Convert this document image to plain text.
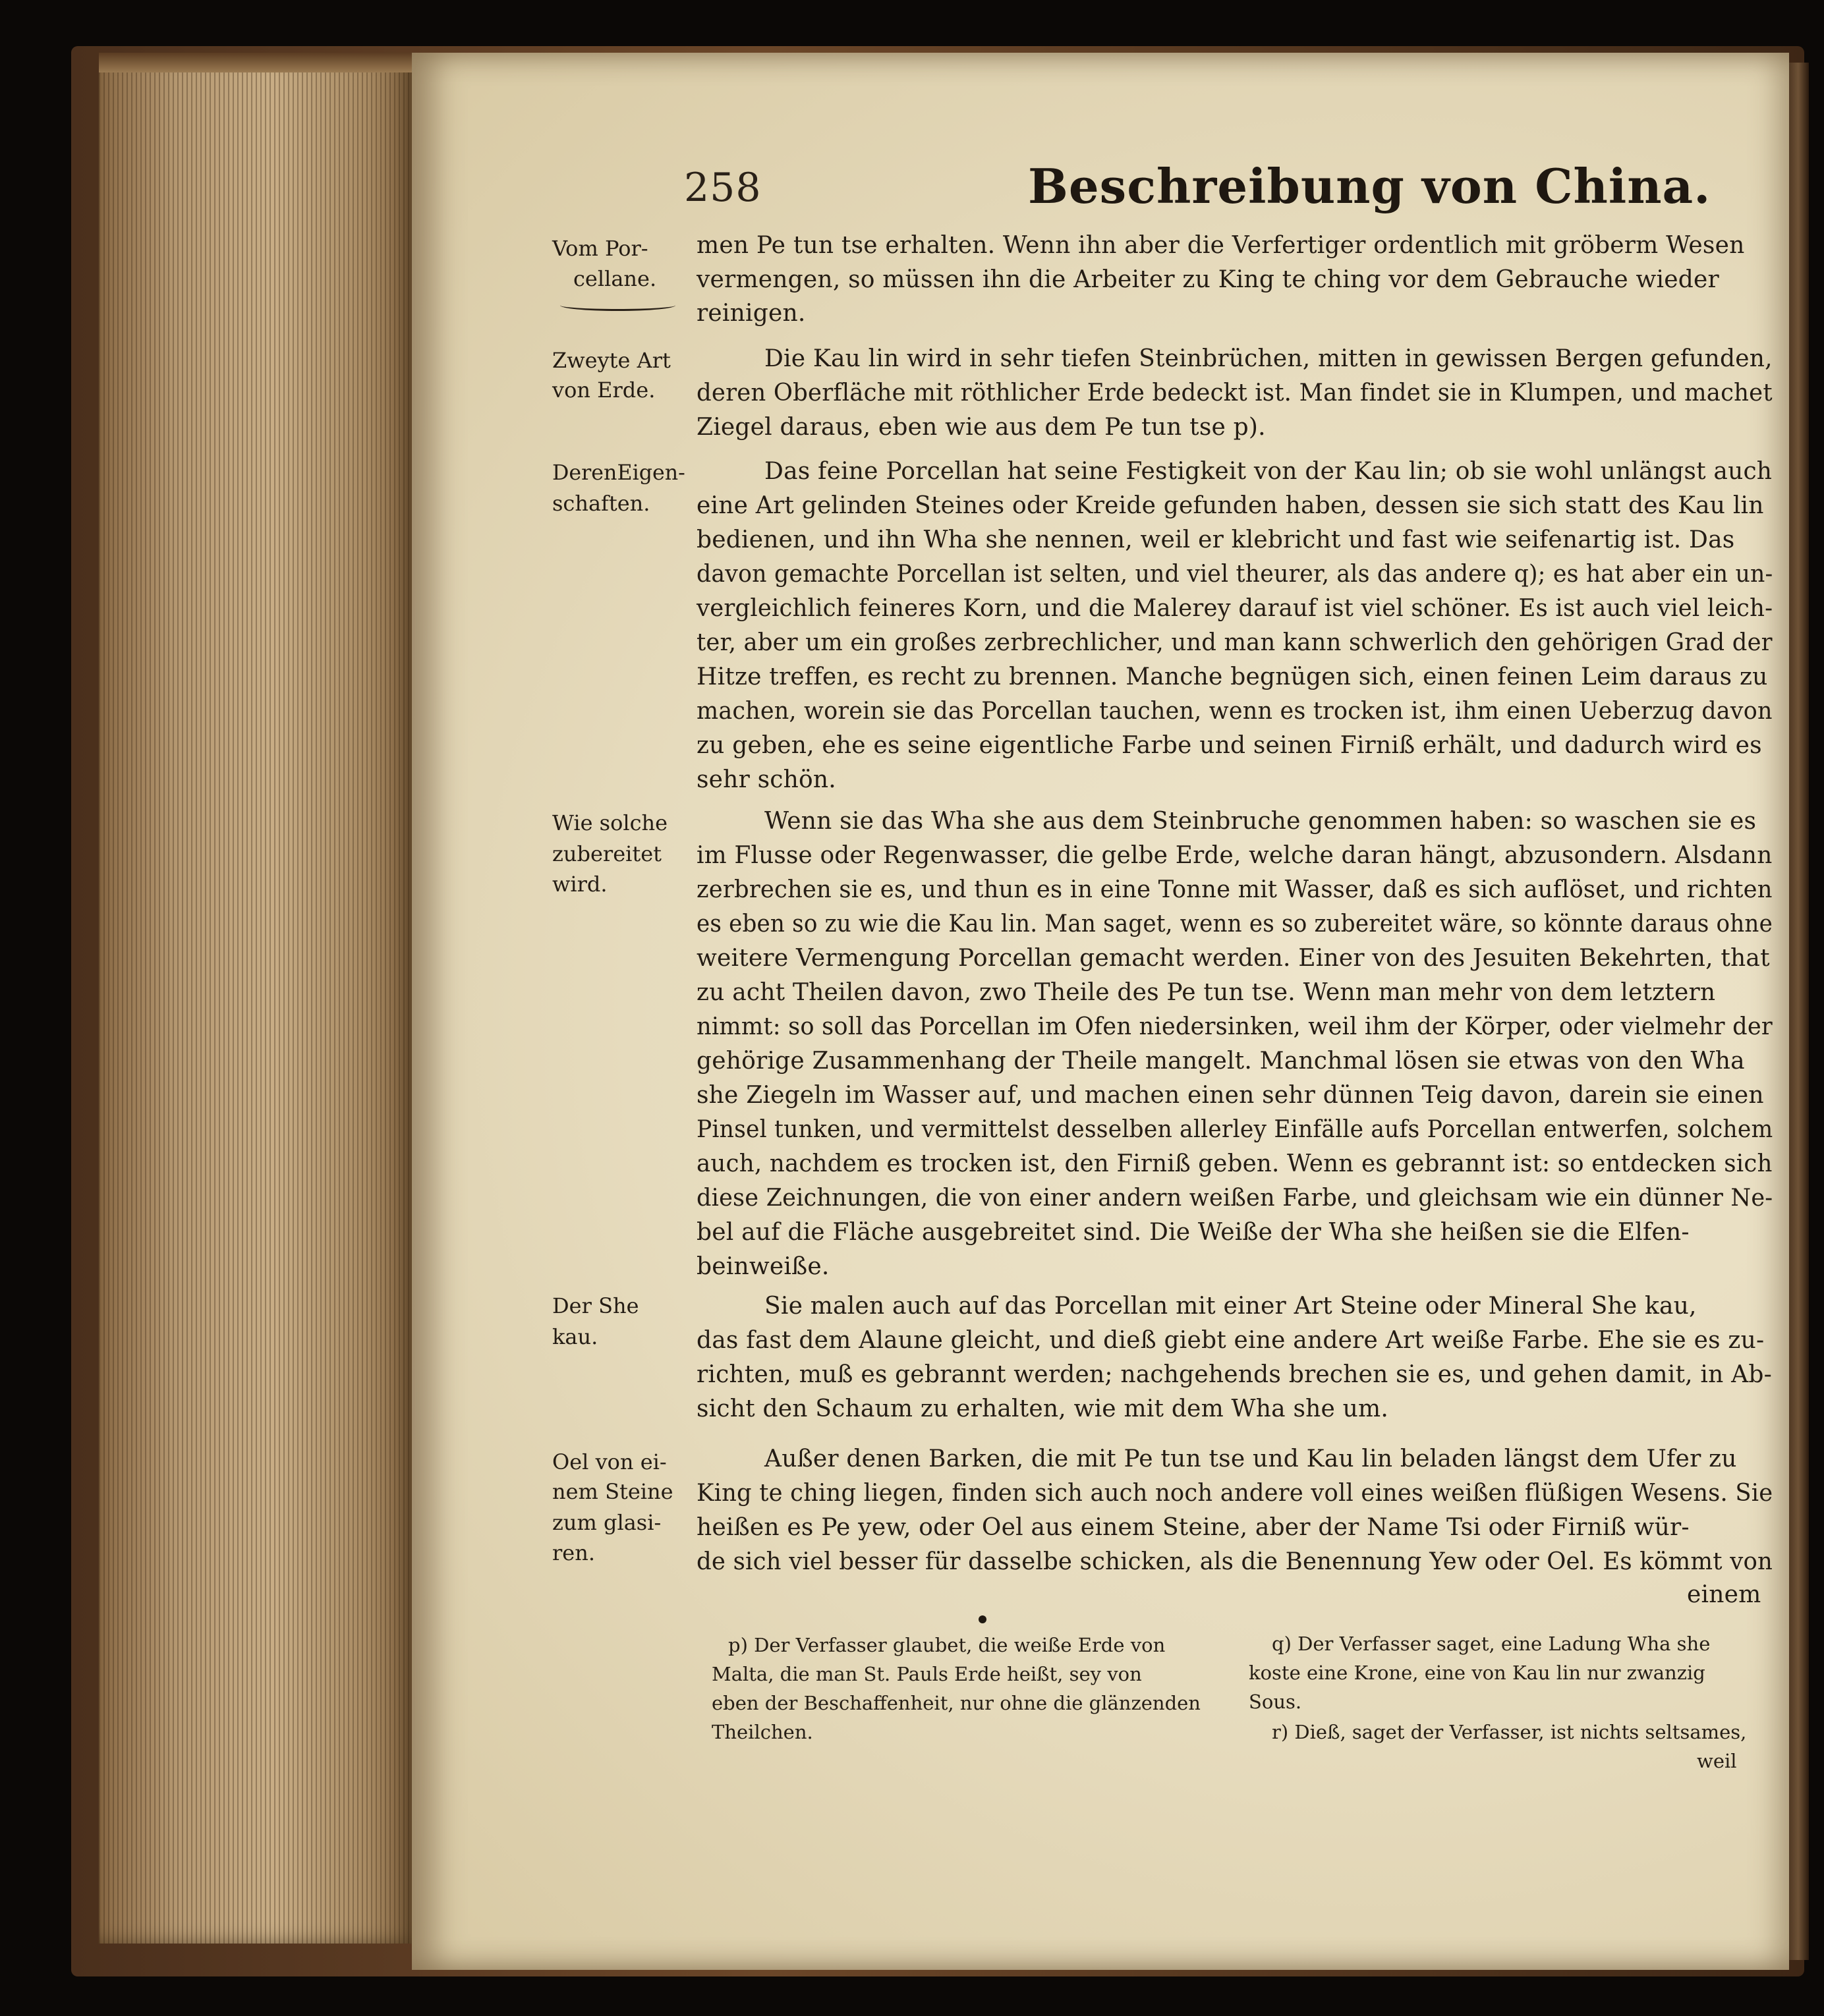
258	Beschreibung von China.
Vom Por-
cellane.
Zweyte Art
von Erde.
DerenEigen-
schaften.
Wie solche
zubereitet
wird.
Der She
kau.
Oel von ei-
nem Steine
zum glasi-
ren.
men Pe tun tse erhalten. Wenn ihn aber die Verfertiger ordentlich mit gröberm Wesen
vermengen, so müssen ihn die Arbeiter zu King te ching vor dem Gebrauche wieder
reinigen.
Die Kau lin wird in sehr tiefen Steinbrüchen, mitten in gewissen Bergen gefunden,
deren Oberfläche mit röthlicher Erde bedeckt ist. Man findet sie in Klumpen, und machet
Ziegel daraus, eben wie aus dem Pe tun tse p).
Das feine Porcellan hat seine Festigkeit von der Kau lin; ob sie wohl unlängst auch
eine Art gelinden Steines oder Kreide gefunden haben, dessen sie sich statt des Kau lin
bedienen, und ihn Wha she nennen, weil er klebricht und fast wie seifenartig ist. Das
davon gemachte Porcellan ist selten, und viel theurer, als das andere q); es hat aber ein un-
vergleichlich feineres Korn, und die Malerey darauf ist viel schöner. Es ist auch viel leich-
ter, aber um ein großes zerbrechlicher, und man kann schwerlich den gehörigen Grad der
Hitze treffen, es recht zu brennen. Manche begnügen sich, einen feinen Leim daraus zu
machen, worein sie das Porcellan tauchen, wenn es trocken ist, ihm einen Ueberzug davon
zu geben, ehe es seine eigentliche Farbe und seinen Firniß erhält, und dadurch wird es
sehr schön.
Wenn sie das Wha she aus dem Steinbruche genommen haben: so waschen sie es
im Flusse oder Regenwasser, die gelbe Erde, welche daran hängt, abzusondern. Alsdann
zerbrechen sie es, und thun es in eine Tonne mit Wasser, daß es sich auflöset, und richten
es eben so zu wie die Kau lin. Man saget, wenn es so zubereitet wäre, so könnte daraus ohne
weitere Vermengung Porcellan gemacht werden. Einer von des Jesuiten Bekehrten, that
zu acht Theilen davon, zwo Theile des Pe tun tse. Wenn man mehr von dem letztern
nimmt: so soll das Porcellan im Ofen niedersinken, weil ihm der Körper, oder vielmehr der
gehörige Zusammenhang der Theile mangelt. Manchmal lösen sie etwas von den Wha
she Ziegeln im Wasser auf, und machen einen sehr dünnen Teig davon, darein sie einen
Pinsel tunken, und vermittelst desselben allerley Einfälle aufs Porcellan entwerfen, solchem
auch, nachdem es trocken ist, den Firniß geben. Wenn es gebrannt ist: so entdecken sich
diese Zeichnungen, die von einer andern weißen Farbe, und gleichsam wie ein dünner Ne-
bel auf die Fläche ausgebreitet sind. Die Weiße der Wha she heißen sie die Elfen-
beinweiße.
Sie malen auch auf das Porcellan mit einer Art Steine oder Mineral She kau,
das fast dem Alaune gleicht, und dieß giebt eine andere Art weiße Farbe. Ehe sie es zu-
richten, muß es gebrannt werden; nachgehends brechen sie es, und gehen damit, in Ab-
sicht den Schaum zu erhalten, wie mit dem Wha she um.
Außer denen Barken, die mit Pe tun tse und Kau lin beladen längst dem Ufer zu
King te ching liegen, finden sich auch noch andere voll eines weißen flüßigen Wesens. Sie
heißen es Pe yew, oder Oel aus einem Steine, aber der Name Tsi oder Firniß wür-
de sich viel besser für dasselbe schicken, als die Benennung Yew oder Oel. Es kömmt von
einem
p) Der Verfasser glaubet, die weiße Erde von
Malta, die man St. Pauls Erde heißt, sey von
eben der Beschaffenheit, nur ohne die glänzenden
Theilchen.
q) Der Verfasser saget, eine Ladung Wha she
koste eine Krone, eine von Kau lin nur zwanzig
Sous.
r) Dieß, saget der Verfasser, ist nichts seltsames,
weil
